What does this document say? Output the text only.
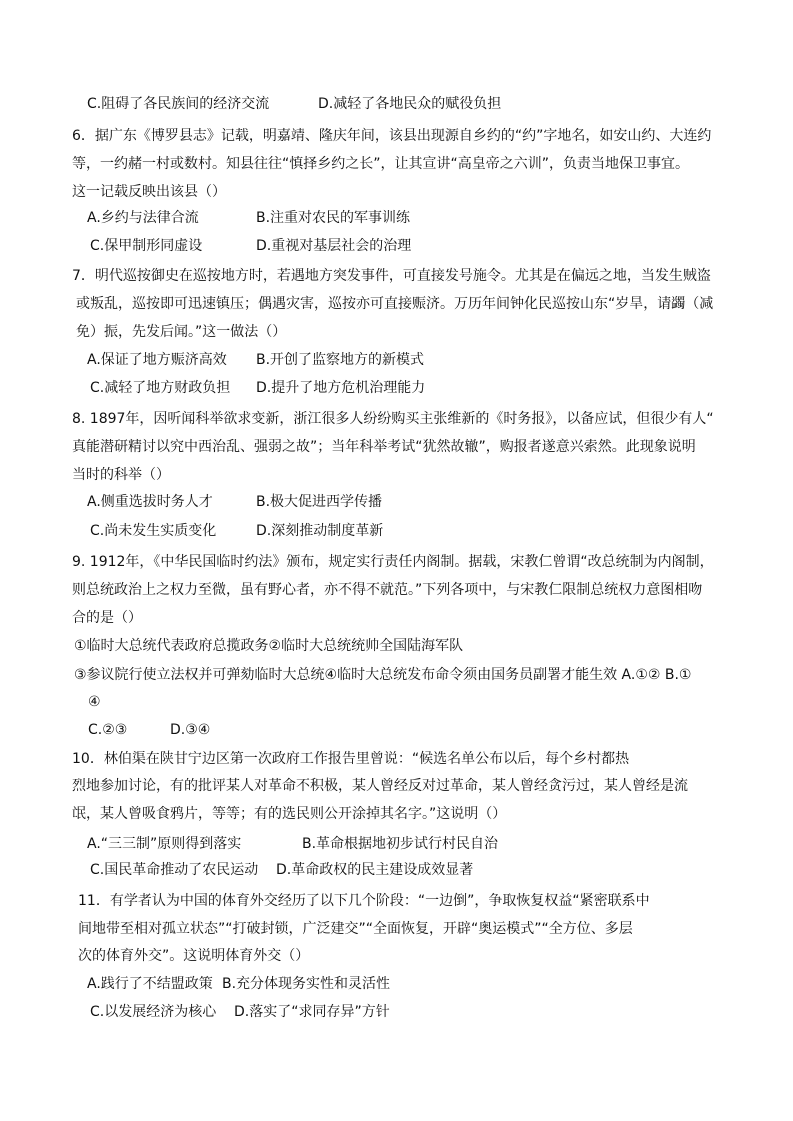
C.阻碍了各民族间的经济交流	D.减轻了各地民众的赋役负担
6．据广东《博罗县志》记载，明嘉靖、隆庆年间，该县出现源自乡约的“约”字地名，如安山约、大连约
等，一约赭一村或数村。知县往往“慎择乡约之长”，让其宣讲“高皇帝之六训”，负责当地保卫事宜。
这一记载反映出该县（）
A.乡约与法律合流	B.注重对农民的军事训练
C.保甲制形同虚设	D.重视对基层社会的治理
7．明代巡按御史在巡按地方时，若遇地方突发事件，可直接发号施令。尤其是在偏远之地，当发生贼盗
或叛乱，巡按即可迅速镇压；偶遇灾害，巡按亦可直接赈济。万历年间钟化民巡按山东“岁旱，请蠲（减
免）振，先发后闻。”这一做法（）
A.保证了地方赈济高效 B.开创了监察地方的新模式
C.减轻了地方财政负担 D.提升了地方危机治理能力
8. 1897年，因听闻科举欲求变新，浙江很多人纷纷购买主张维新的《时务报》，以备应试，但很少有人“
真能潜研精讨以究中西治乱、强弱之故”；当年科举考试“犹然故辙”，购报者遂意兴索然。此现象说明
当时的科举（）
A.侧重选拔时务人才	B.极大促进西学传播
C.尚未发生实质变化	D.深刻推动制度革新
9. 1912年，《中华民国临时约法》颁布，规定实行责任内阁制。据载，宋教仁曾谓“改总统制为内阁制，
则总统政治上之权力至微，虽有野心者，亦不得不就范。”下列各项中，与宋教仁限制总统权力意图相吻
合的是（）
①临时大总统代表政府总揽政务②临时大总统统帅全国陆海军队
③参议院行使立法权并可弹劾临时大总统④临时大总统发布命令须由国务员副署才能生效 A.①② B.①
④
C.②③	D.③④
10．林伯渠在陕甘宁边区第一次政府工作报告里曾说：“候选名单公布以后，每个乡村都热
烈地参加讨论，有的批评某人对革命不积极，某人曾经反对过革命，某人曾经贪污过，某人曾经是流
氓，某人曾吸食鸦片，等等；有的选民则公开涂掉其名字。”这说明（）
A.“三三制”原则得到落实	B.革命根据地初步试行村民自治
C.国民革命推动了农民运动 D.革命政权的民主建设成效显著
11．有学者认为中国的体育外交经历了以下几个阶段：“一边倒”，争取恢复权益“紧密联系中
间地带至相对孤立状态”“打破封锁，广泛建交”“全面恢复，开辟“奥运模式”“全方位、多层
次的体育外交”。这说明体育外交（）
A.践行了不结盟政策 B.充分体现务实性和灵活性
C.以发展经济为核心 D.落实了“求同存异”方针
